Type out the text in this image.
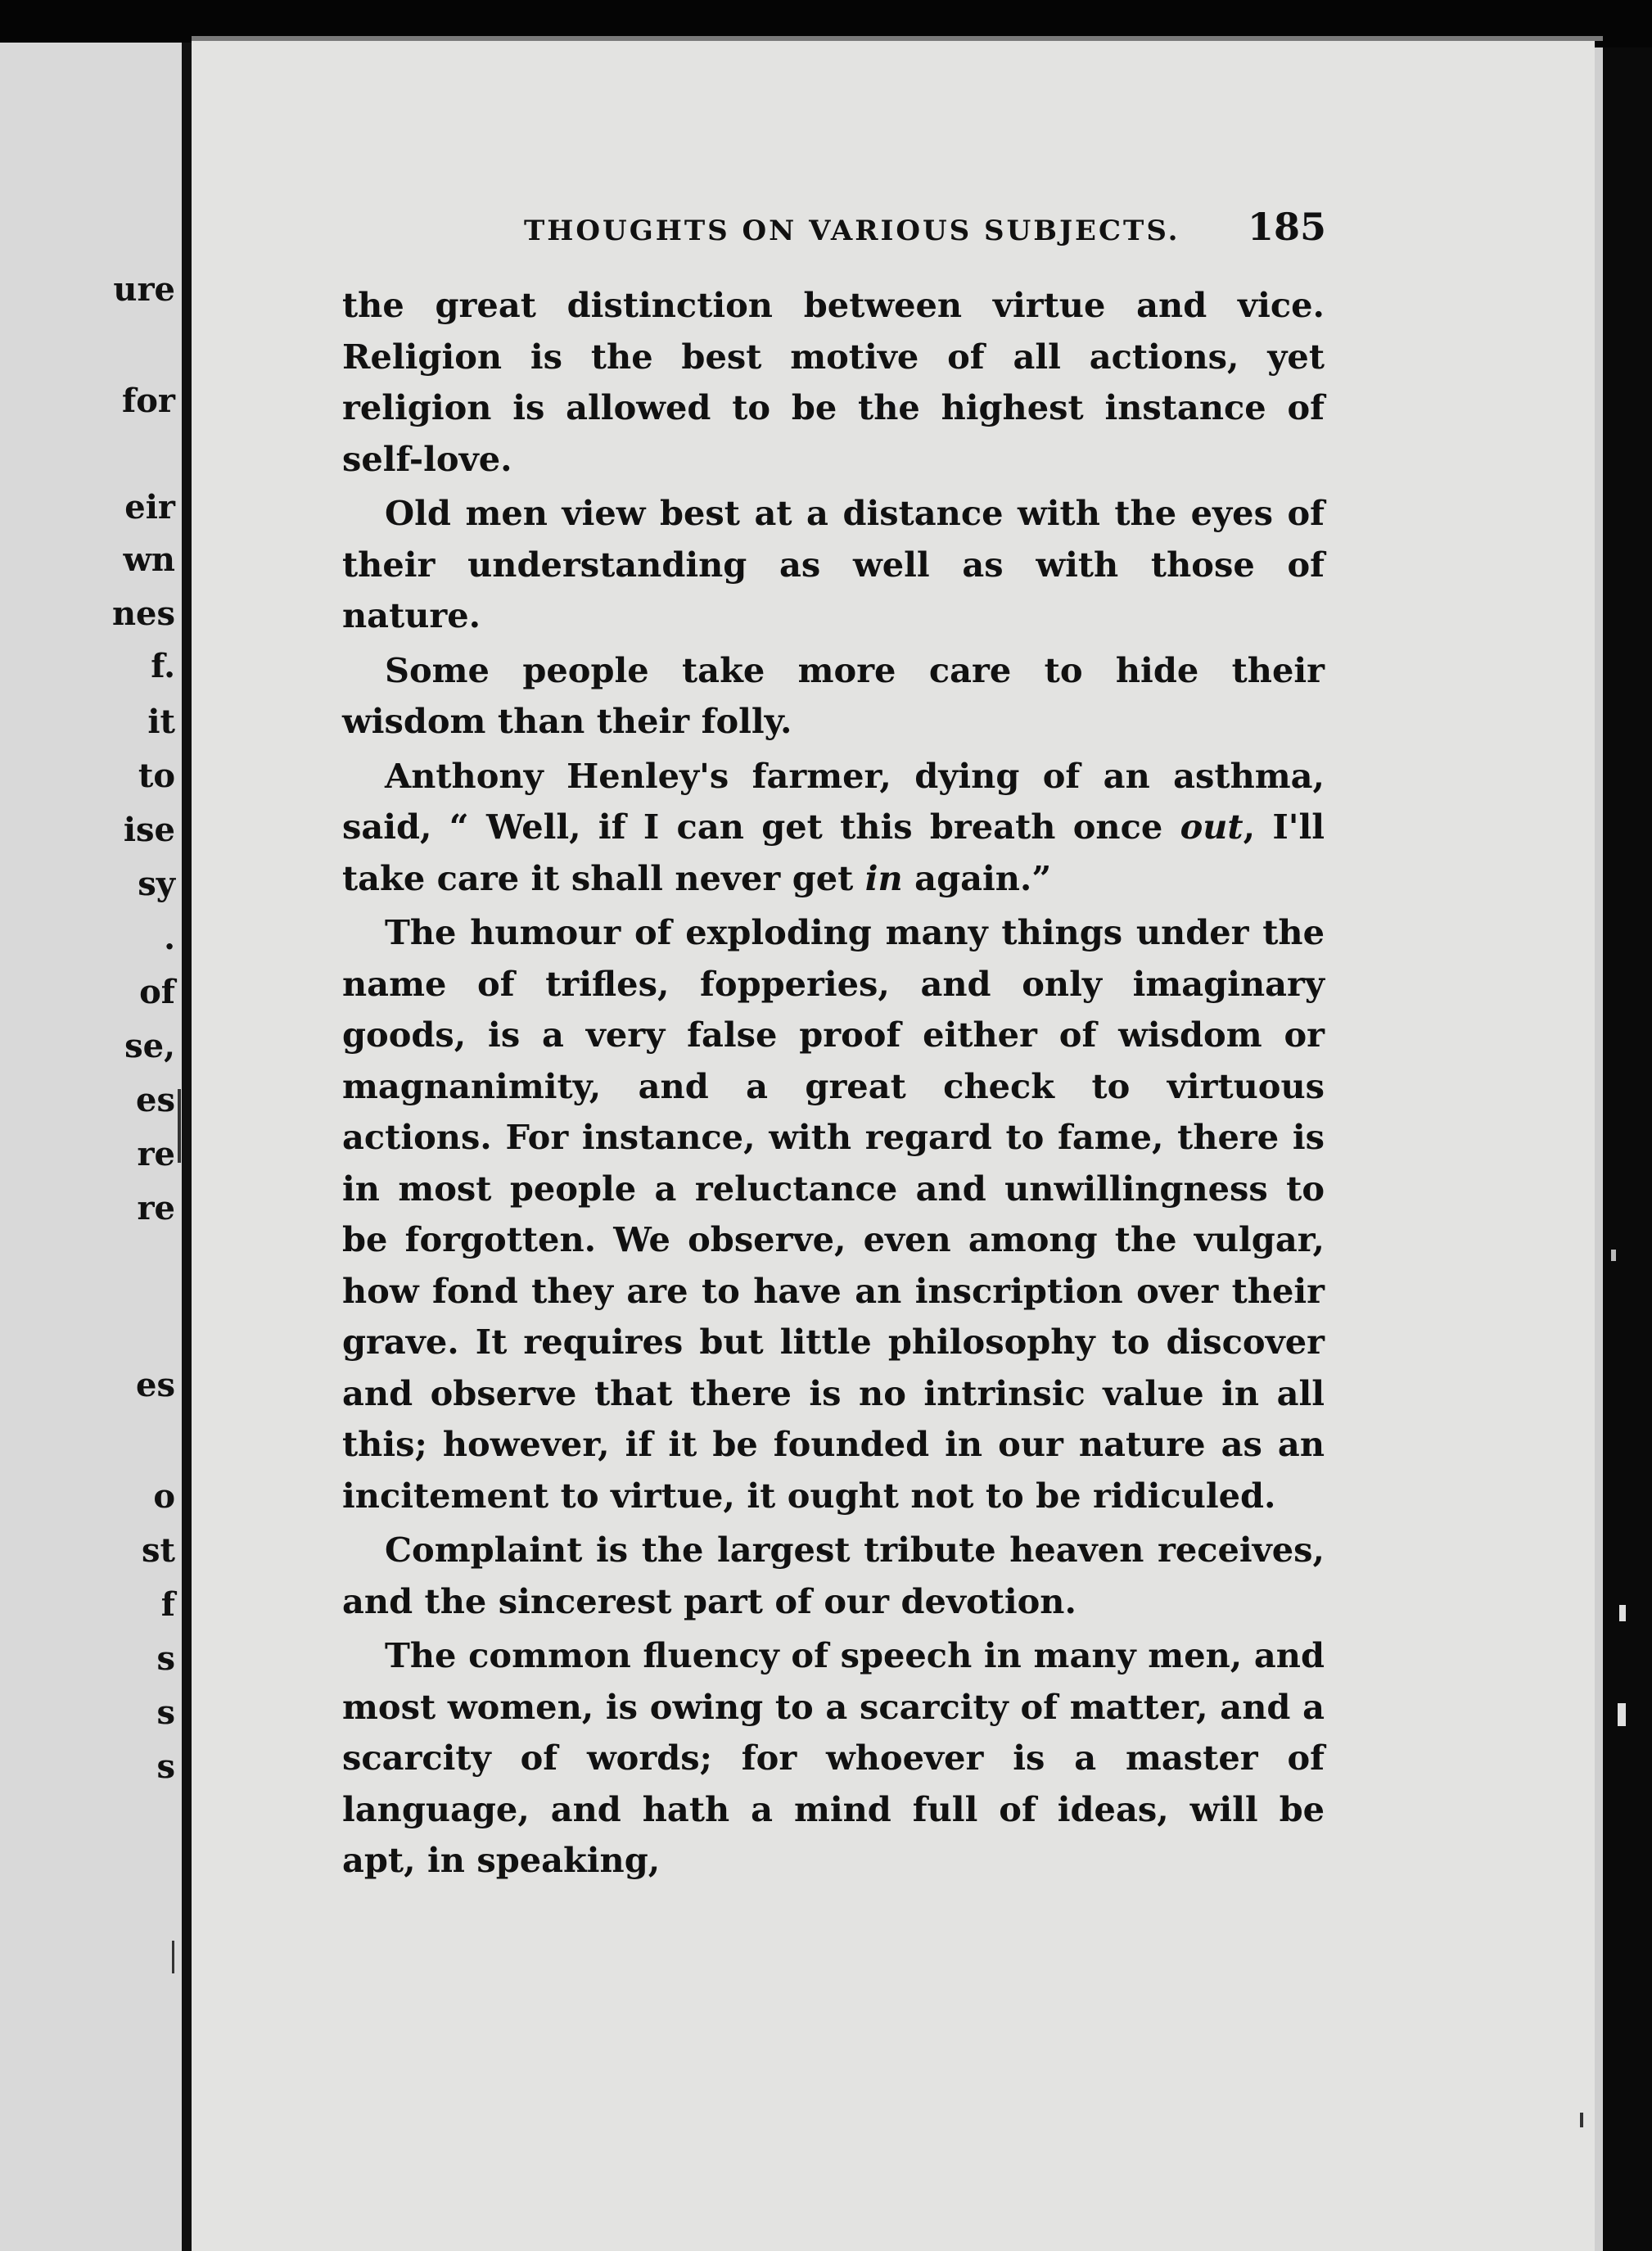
ure
for
eir
wn
nes
f.
it
to
ise
sy
.
of
se,
es
re
re
es
o
st
f
s
s
s
THOUGHTS ON VARIOUS SUBJECTS. 185

the great distinction between virtue and vice. Religion is the best motive of all actions, yet religion is allowed to be the highest instance of self-love.

Old men view best at a distance with the eyes of their understanding as well as with those of nature.

Some people take more care to hide their wisdom than their folly.

Anthony Henley's farmer, dying of an asthma, said, “ Well, if I can get this breath once out, I'll take care it shall never get in again.”

The humour of exploding many things under the name of trifles, fopperies, and only imaginary goods, is a very false proof either of wisdom or magnanimity, and a great check to virtuous actions. For instance, with regard to fame, there is in most people a reluctance and unwillingness to be forgotten. We observe, even among the vulgar, how fond they are to have an inscription over their grave. It requires but little philosophy to discover and observe that there is no intrinsic value in all this; however, if it be founded in our nature as an incitement to virtue, it ought not to be ridiculed.

Complaint is the largest tribute heaven receives, and the sincerest part of our devotion.

The common fluency of speech in many men, and most women, is owing to a scarcity of matter, and a scarcity of words; for whoever is a master of language, and hath a mind full of ideas, will be apt, in speaking,
